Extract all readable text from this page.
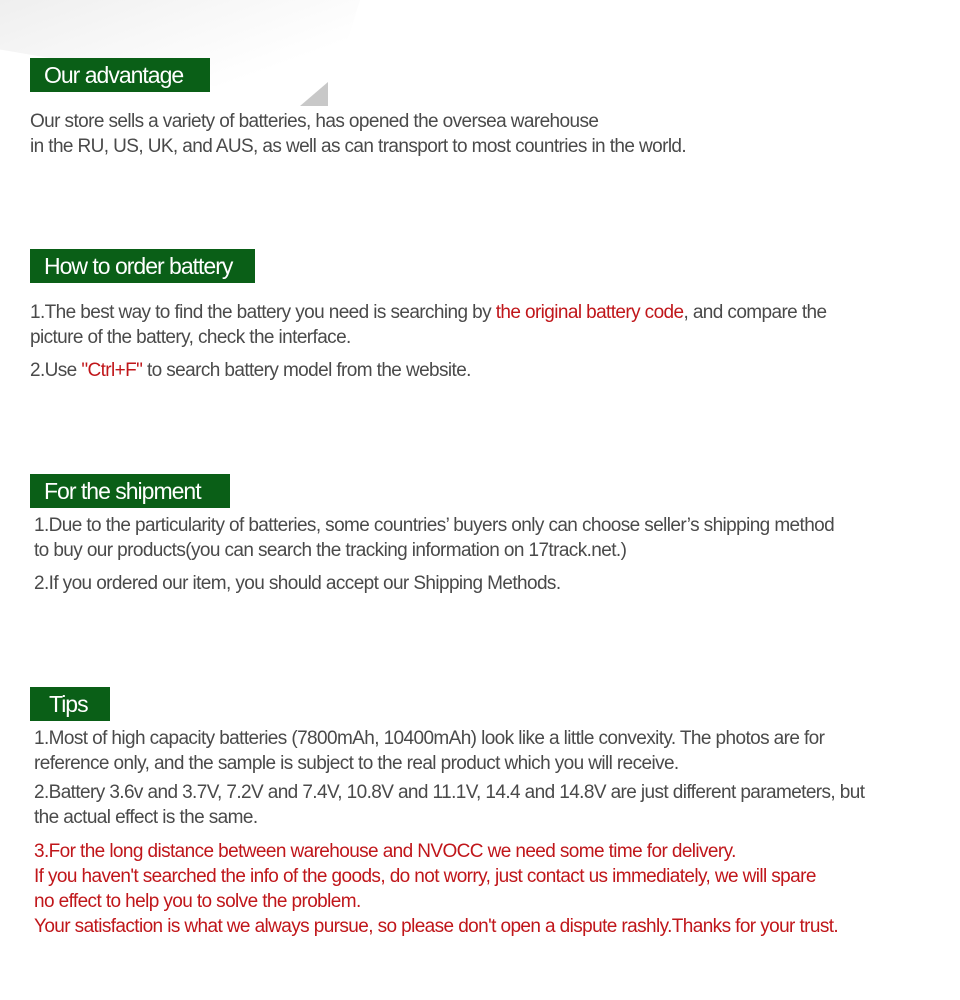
Our advantage

Our store sells a variety of batteries, has opened the oversea warehouse

in the RU, US, UK, and AUS, as well as can transport to most countries in the world.

How to order battery

1.The best way to find the battery you need is searching by the original battery code, and compare the

picture of the battery, check the interface.

2.Use "Ctrl+F" to search battery model from the website.

For the shipment

1.Due to the particularity of batteries, some countries’ buyers only can choose seller’s shipping method

to buy our products(you can search the tracking information on 17track.net.)

2.If you ordered our item, you should accept our Shipping Methods.

Tips

1.Most of high capacity batteries (7800mAh, 10400mAh) look like a little convexity. The photos are for

reference only, and the sample is subject to the real product which you will receive.

2.Battery 3.6v and 3.7V, 7.2V and 7.4V, 10.8V and 11.1V, 14.4 and 14.8V are just different parameters, but

the actual effect is the same.

3.For the long distance between warehouse and NVOCC we need some time for delivery.

If you haven't searched the info of the goods, do not worry, just contact us immediately, we will spare

no effect to help you to solve the problem.

Your satisfaction is what we always pursue, so please don't open a dispute rashly.Thanks for your trust.
